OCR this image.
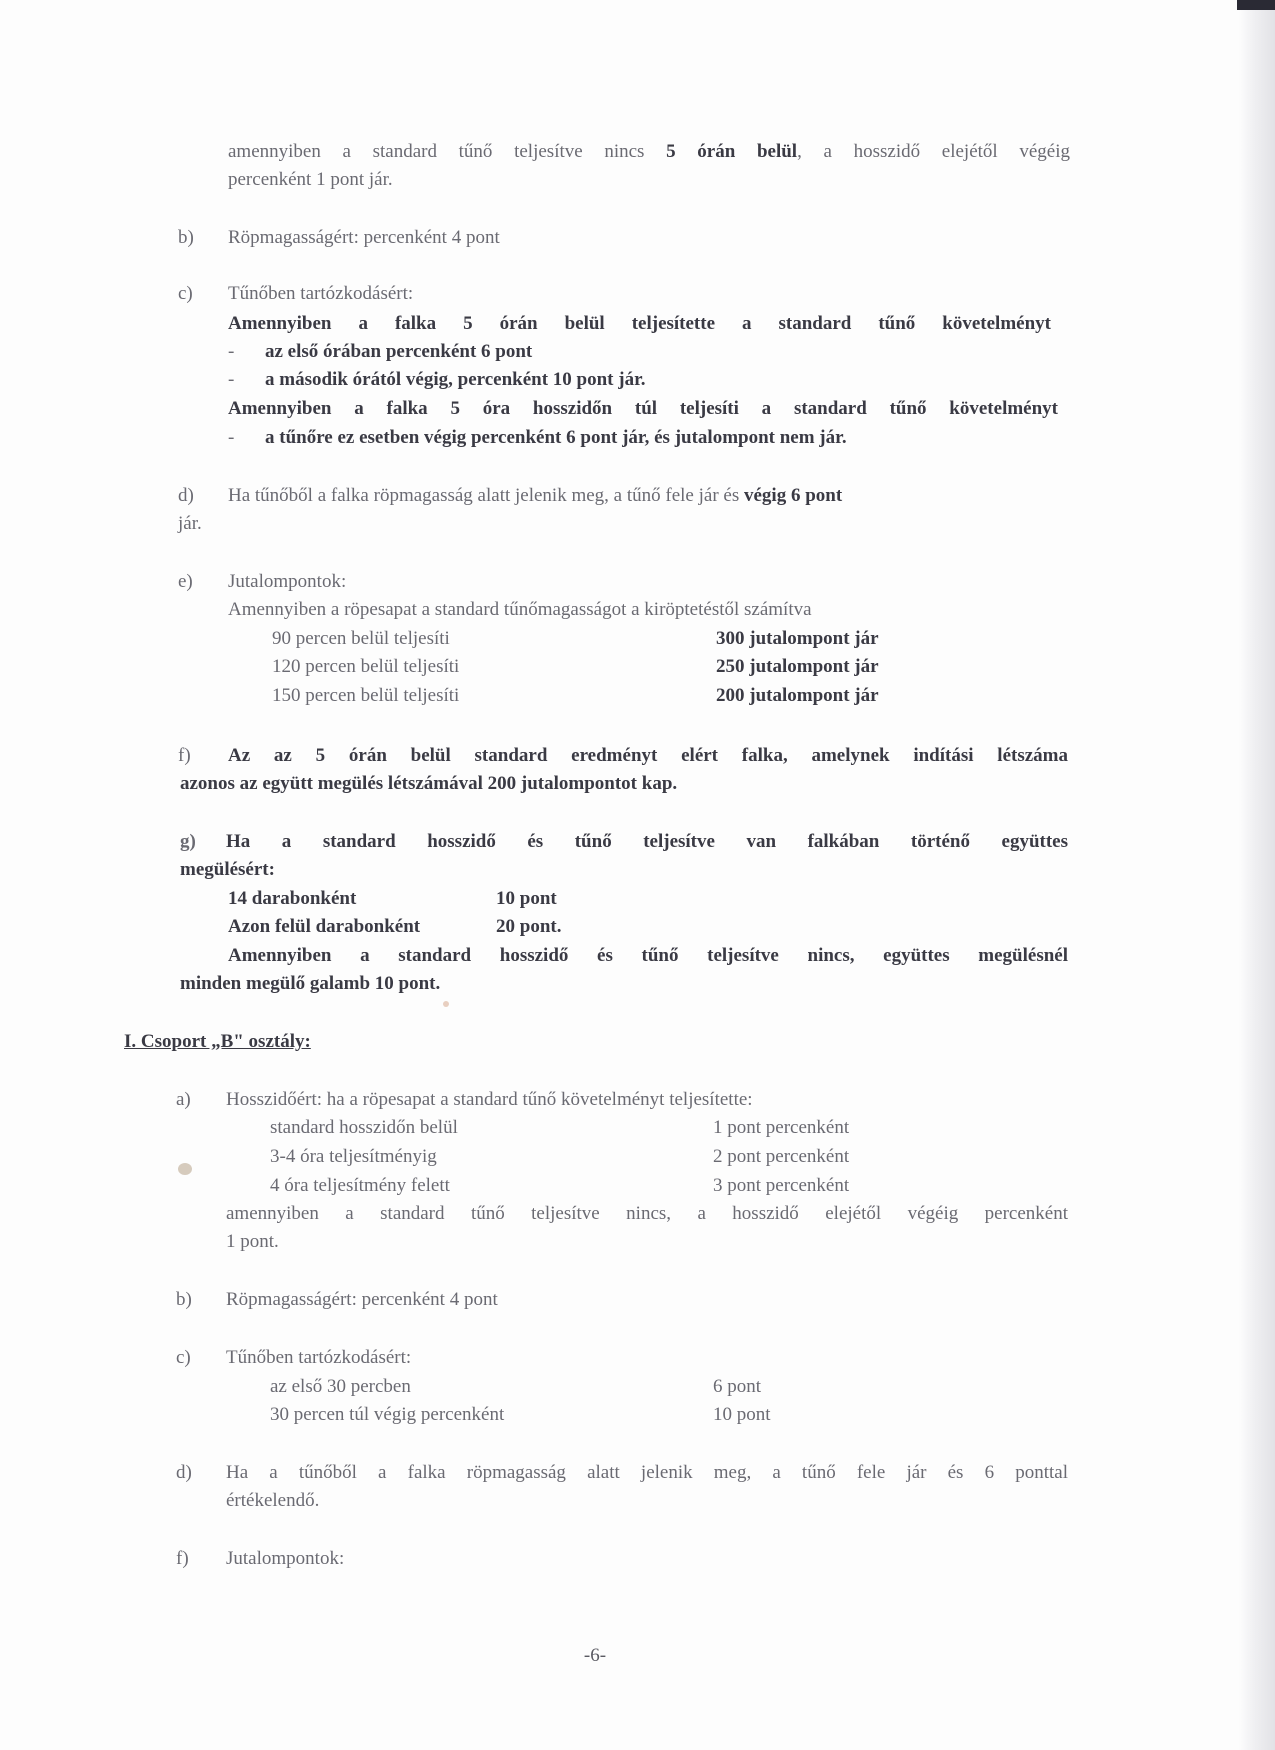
amennyiben a standard tűnő teljesítve nincs 5 órán belül, a hosszidő elejétől végéig
percenként 1 pont jár.
b) Röpmagasságért: percenként 4 pont
c) Tűnőben tartózkodásért:
Amennyiben a falka 5 órán belül teljesítette a standard tűnő követelményt
- az első órában percenként 6 pont
- a második órától végig, percenként 10 pont jár.
Amennyiben a falka 5 óra hosszidőn túl teljesíti a standard tűnő követelményt
- a tűnőre ez esetben végig percenként 6 pont jár, és jutalompont nem jár.
d) Ha tűnőből a falka röpmagasság alatt jelenik meg, a tűnő fele jár és végig 6 pont
jár.
e) Jutalompontok:
Amennyiben a röpesapat a standard tűnőmagasságot a kiröptetéstől számítva
90 percen belül teljesíti	300 jutalompont jár
120 percen belül teljesíti	250 jutalompont jár
150 percen belül teljesíti	200 jutalompont jár
f) Az az 5 órán belül standard eredményt elért falka, amelynek indítási létszáma
azonos az együtt megülés létszámával 200 jutalompontot kap.
g) Ha a standard hosszidő és tűnő teljesítve van falkában történő együttes
megülésért:
14 darabonként	10 pont
Azon felül darabonként	20 pont.
Amennyiben a standard hosszidő és tűnő teljesítve nincs, együttes megülésnél
minden megülő galamb 10 pont.
I. Csoport „B" osztály:
a) Hosszidőért: ha a röpesapat a standard tűnő követelményt teljesítette:
standard hosszidőn belül	1 pont percenként
3-4 óra teljesítményig	2 pont percenként
4 óra teljesítmény felett	3 pont percenként
amennyiben a standard tűnő teljesítve nincs, a hosszidő elejétől végéig percenként
1 pont.
b) Röpmagasságért: percenként 4 pont
c) Tűnőben tartózkodásért:
az első 30 percben	6 pont
30 percen túl végig percenként	10 pont
d) Ha a tűnőből a falka röpmagasság alatt jelenik meg, a tűnő fele jár és 6 ponttal
értékelendő.
f) Jutalompontok:
-6-
